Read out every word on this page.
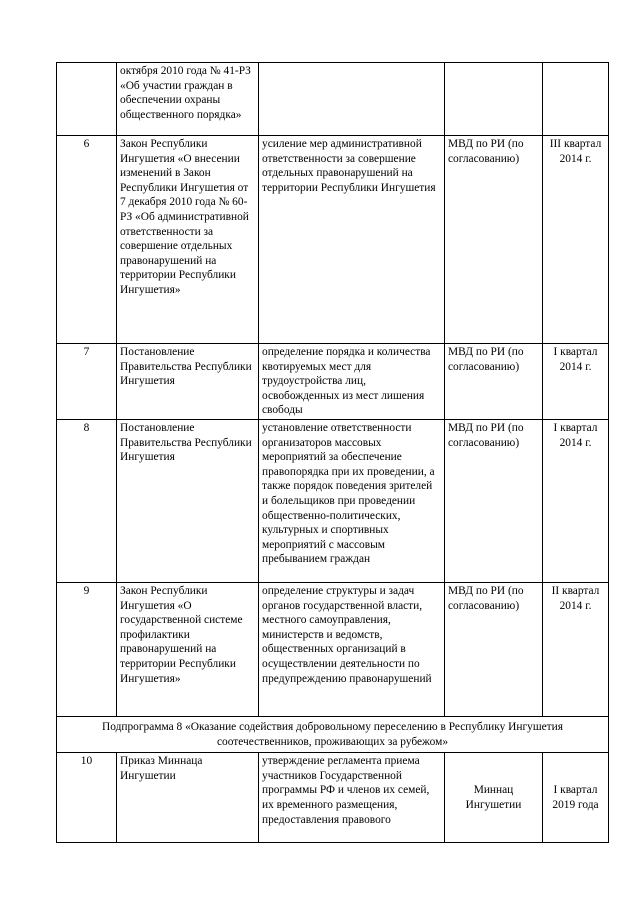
	октября 2010 года № 41-РЗ «Об участии граждан в обеспечении охраны общественного порядка»			
6	Закон Республики Ингушетия «О внесении изменений в Закон Республики Ингушетия от 7 декабря 2010 года № 60-РЗ «Об административной ответственности за совершение отдельных правонарушений на территории Республики Ингушетия»	усиление мер административной ответственности за совершение отдельных правонарушений на территории Республики Ингушетия	МВД по РИ (по согласованию)	III квартал 2014 г.
7	Постановление Правительства Республики Ингушетия	определение порядка и количества квотируемых мест для трудоустройства лиц, освобожденных из мест лишения свободы	МВД по РИ (по согласованию)	I квартал 2014 г.
8	Постановление Правительства Республики Ингушетия	установление ответственности организаторов массовых мероприятий за обеспечение правопорядка при их проведении, а также порядок поведения зрителей и болельщиков при проведении общественно-политических, культурных и спортивных мероприятий с массовым пребыванием граждан	МВД по РИ (по согласованию)	I квартал 2014 г.
9	Закон Республики Ингушетия «О государственной системе профилактики правонарушений на территории Республики Ингушетия»	определение структуры и задач органов государственной власти, местного самоуправления, министерств и ведомств, общественных организаций в осуществлении деятельности по предупреждению правонарушений	МВД по РИ (по согласованию)	II квартал 2014 г.
Подпрограмма 8 «Оказание содействия добровольному переселению в Республику Ингушетия соотечественников, проживающих за рубежом»				
10	Приказ Миннаца Ингушетии	утверждение регламента приема участников Государственной программы РФ и членов их семей, их временного размещения, предоставления правового	Миннац Ингушетии	I квартал 2019 года
